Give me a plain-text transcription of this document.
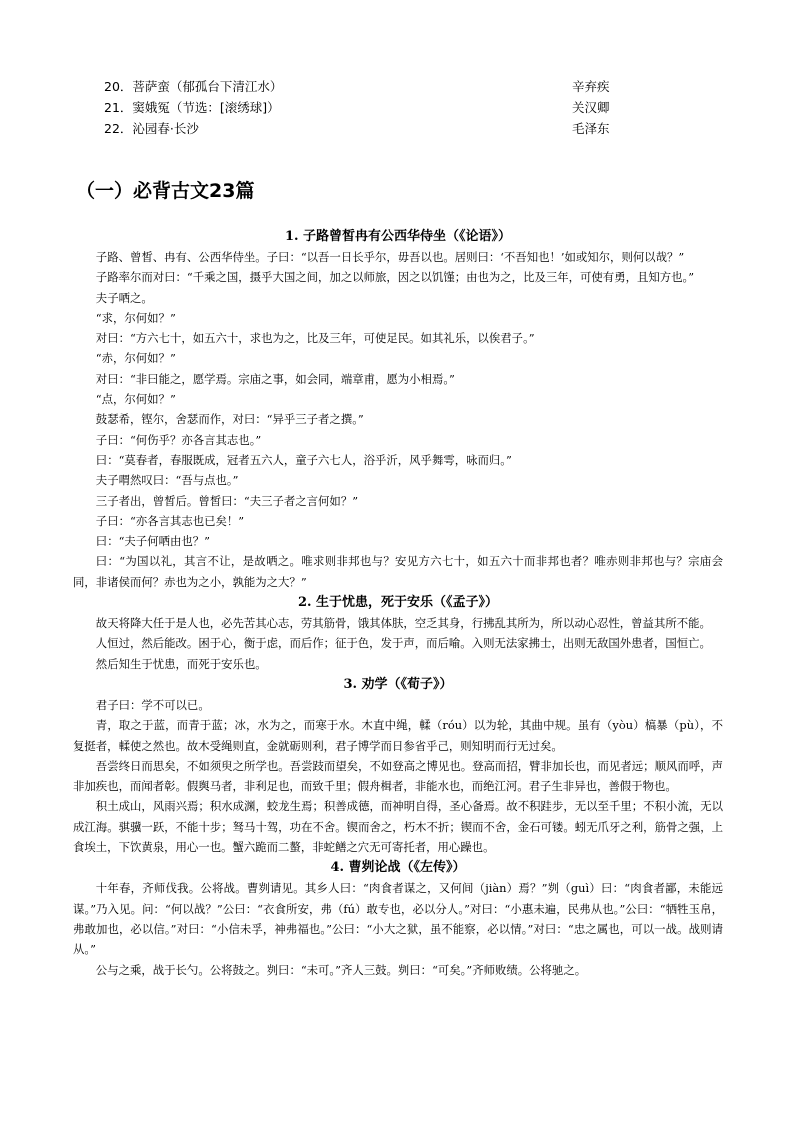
20．菩萨蛮（郁孤台下清江水）	辛弃疾
21．窦娥冤（节选：[滚绣球]）	关汉卿
22．沁园春·长沙	毛泽东
（一）必背古文23篇

1. 子路曾皙冉有公西华侍坐（《论语》）

子路、曾皙、冉有、公西华侍坐。子曰：“以吾一日长乎尔，毋吾以也。居则曰：‘不吾知也！’如或知尔，则何以哉？”

子路率尔而对曰：“千乘之国，摄乎大国之间，加之以师旅，因之以饥馑；由也为之，比及三年，可使有勇，且知方也。”

夫子哂之。

“求，尔何如？”

对曰：“方六七十，如五六十，求也为之，比及三年，可使足民。如其礼乐，以俟君子。”

“赤，尔何如？”

对曰：“非曰能之，愿学焉。宗庙之事，如会同，端章甫，愿为小相焉。”

“点，尔何如？”

鼓瑟希，铿尔，舍瑟而作，对曰：“异乎三子者之撰。”

子曰：“何伤乎？亦各言其志也。”

曰：“莫春者，春服既成，冠者五六人，童子六七人，浴乎沂，风乎舞雩，咏而归。”

夫子喟然叹曰：“吾与点也。”

三子者出，曾皙后。曾皙曰：“夫三子者之言何如？”

子曰：“亦各言其志也已矣！”

曰：“夫子何哂由也？”

曰：“为国以礼，其言不让，是故哂之。唯求则非邦也与？安见方六七十，如五六十而非邦也者？唯赤则非邦也与？宗庙会同，非诸侯而何？赤也为之小，孰能为之大？”

2. 生于忧患，死于安乐（《孟子》）

故天将降大任于是人也，必先苦其心志，劳其筋骨，饿其体肤，空乏其身，行拂乱其所为，所以动心忍性，曾益其所不能。

人恒过，然后能改。困于心，衡于虑，而后作；征于色，发于声，而后喻。入则无法家拂士，出则无敌国外患者，国恒亡。

然后知生于忧患，而死于安乐也。

3. 劝学（《荀子》）

君子曰：学不可以已。

青，取之于蓝，而青于蓝；冰，水为之，而寒于水。木直中绳，輮（róu）以为轮，其曲中规。虽有（yòu）槁暴（pù），不复挺者，輮使之然也。故木受绳则直，金就砺则利，君子博学而日参省乎己，则知明而行无过矣。

吾尝终日而思矣，不如须臾之所学也。吾尝跂而望矣，不如登高之博见也。登高而招，臂非加长也，而见者远；顺风而呼，声非加疾也，而闻者彰。假舆马者，非利足也，而致千里；假舟楫者，非能水也，而绝江河。君子生非异也，善假于物也。

积土成山，风雨兴焉；积水成渊，蛟龙生焉；积善成德，而神明自得，圣心备焉。故不积跬步，无以至千里；不积小流，无以成江海。骐骥一跃，不能十步；驽马十驾，功在不舍。锲而舍之，朽木不折；锲而不舍，金石可镂。蚓无爪牙之利，筋骨之强，上食埃土，下饮黄泉，用心一也。蟹六跪而二螯，非蛇鳝之穴无可寄托者，用心躁也。

4. 曹刿论战（《左传》）

十年春，齐师伐我。公将战。曹刿请见。其乡人曰：“肉食者谋之，又何间（jiàn）焉？”刿（guì）曰：“肉食者鄙，未能远谋。”乃入见。问：“何以战？”公曰：“衣食所安，弗（fú）敢专也，必以分人。”对曰：“小惠未遍，民弗从也。”公曰：“牺牲玉帛，弗敢加也，必以信。”对曰：“小信未孚，神弗福也。”公曰：“小大之狱，虽不能察，必以情。”对曰：“忠之属也，可以一战。战则请从。”

公与之乘，战于长勺。公将鼓之。刿曰：“未可。”齐人三鼓。刿曰：“可矣。”齐师败绩。公将驰之。
